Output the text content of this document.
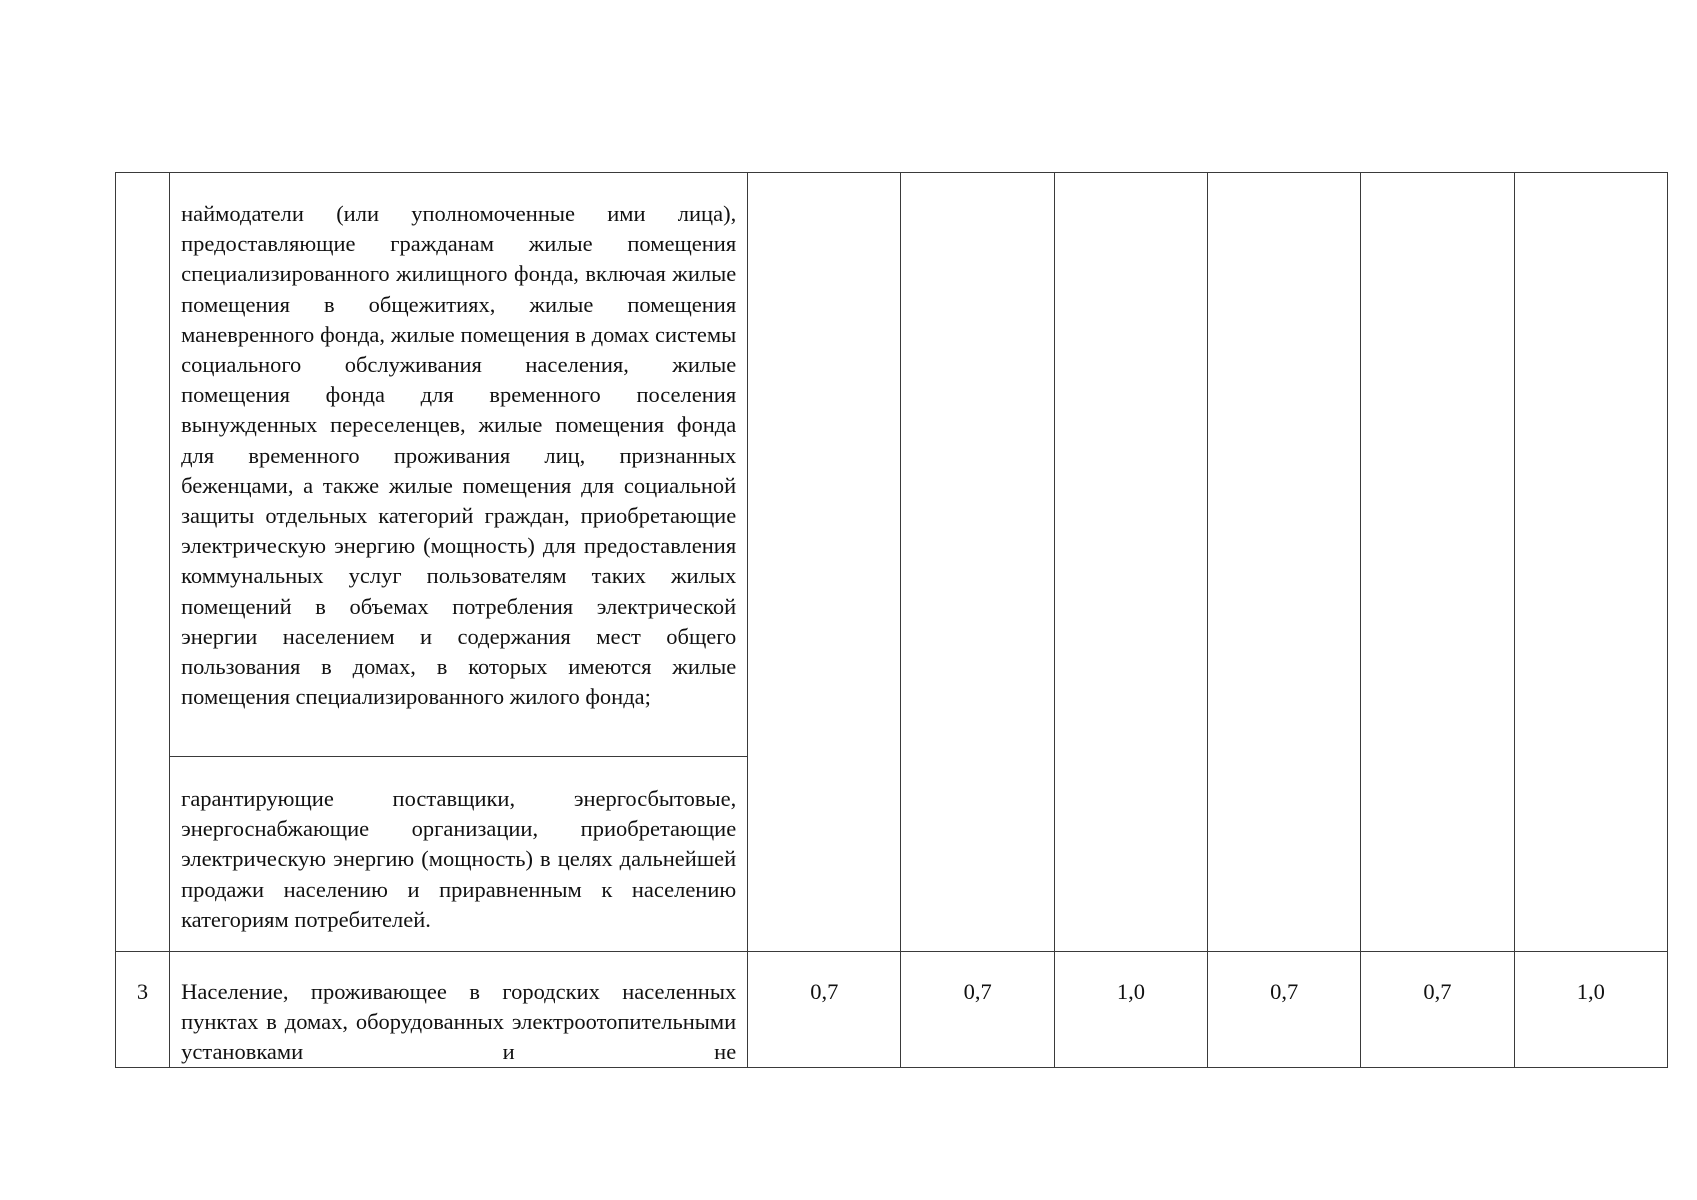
	наймодатели (или уполномоченные ими лица), предоставляющие гражданам жилые помещения специализированного жилищного фонда, включая жилые помещения в общежитиях, жилые помещения маневренного фонда, жилые помещения в домах системы социального обслуживания населения, жилые помещения фонда для временного поселения вынужденных переселенцев, жилые помещения фонда для временного проживания лиц, признанных беженцами, а также жилые помещения для социальной защиты отдельных категорий граждан, приобретающие электрическую энергию (мощность) для предоставления коммунальных услуг пользователям таких жилых помещений в объемах потребления электрической энергии населением и содержания мест общего пользования в домах, в которых имеются жилые помещения специализированного жилого фонда;						

	гарантирующие поставщики, энергосбытовые, энергоснабжающие организации, приобретающие электрическую энергию (мощность) в целях дальнейшей продажи населению и приравненным к населению категориям потребителей.						

3	Население, проживающее в городских населенных пунктах в домах, оборудованных электроотопительными установками и не	0,7	0,7	1,0	0,7	0,7	1,0
